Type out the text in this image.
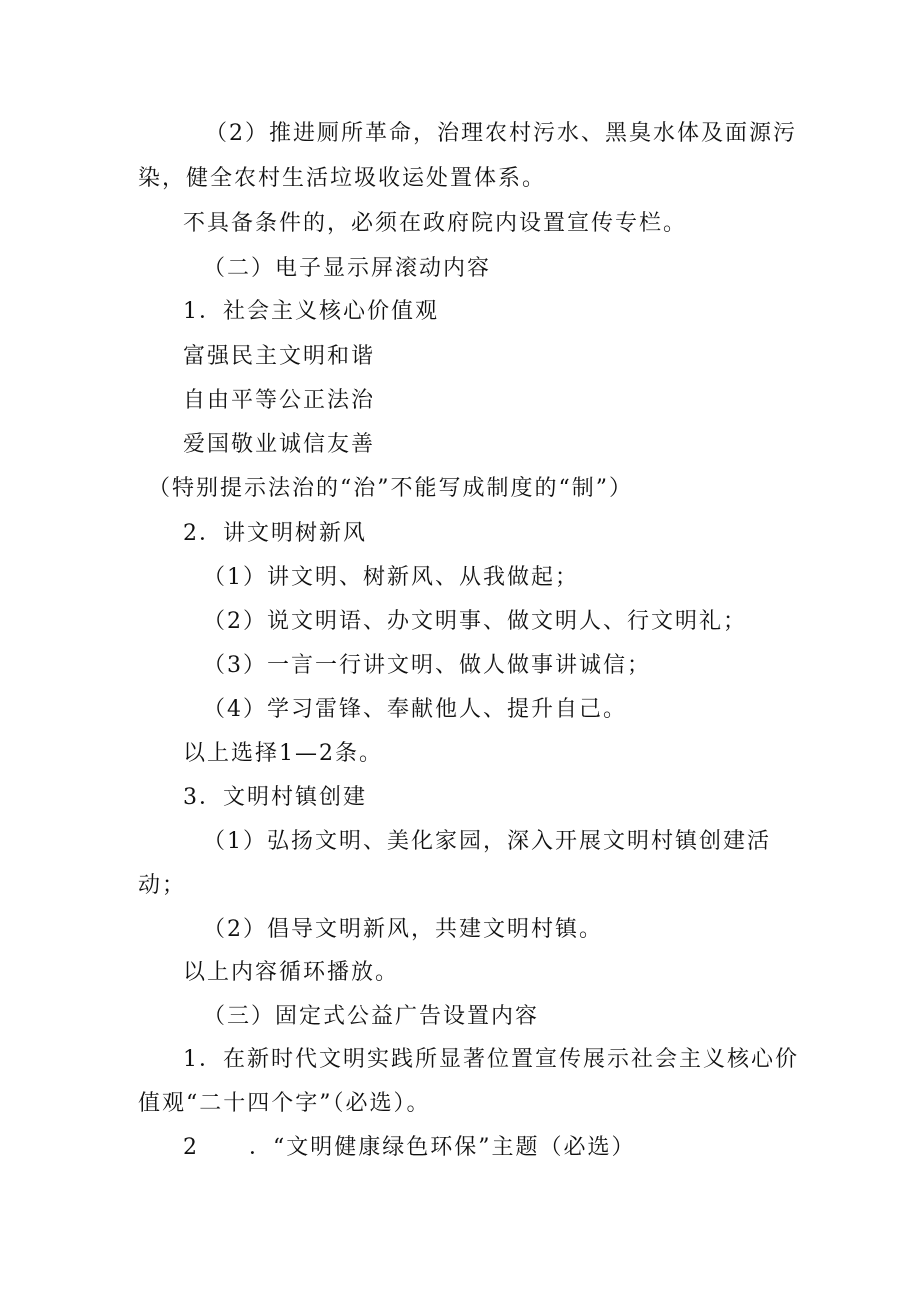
（2）推进厕所革命，治理农村污水、黑臭水体及面源污
染，健全农村生活垃圾收运处置体系。
不具备条件的，必须在政府院内设置宣传专栏。
（二）电子显示屏滚动内容
1．社会主义核心价值观
富强民主文明和谐
自由平等公正法治
爱国敬业诚信友善
（特别提示法治的“治”不能写成制度的“制”）
2．讲文明树新风
（1）讲文明、树新风、从我做起；
（2）说文明语、办文明事、做文明人、行文明礼；
（3）一言一行讲文明、做人做事讲诚信；
（4）学习雷锋、奉献他人、提升自己。
以上选择1—2条。
3．文明村镇创建
（1）弘扬文明、美化家园，深入开展文明村镇创建活
动；
（2）倡导文明新风，共建文明村镇。
以上内容循环播放。
（三）固定式公益广告设置内容
1．在新时代文明实践所显著位置宣传展示社会主义核心价
值观“二十四个字”（必选）。
2 ．“文明健康绿色环保”主题（必选）
